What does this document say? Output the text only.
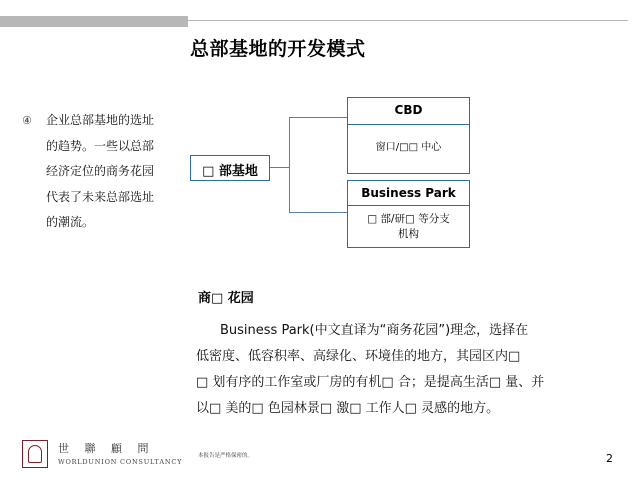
总部基地的开发模式
④ 企业总部基地的选址的趋势。一些以总部经济定位的商务花园代表了未来总部选址的潮流。
□ 部基地
CBD
窗口/□□ 中心
Business Park
□ 部/研□ 等分支机构
商□ 花园
Business Park(中文直译为“商务花园”)理念，选择在
低密度、低容积率、高绿化、环境佳的地方，其园区内□
□ 划有序的工作室或厂房的有机□ 合；是提高生活□ 量、并
以□ 美的□ 色园林景□ 激□ 工作人□ 灵感的地方。
世 聯 顧 問
WORLDUNION CONSULTANCY
本报告是严格保密的。	2
